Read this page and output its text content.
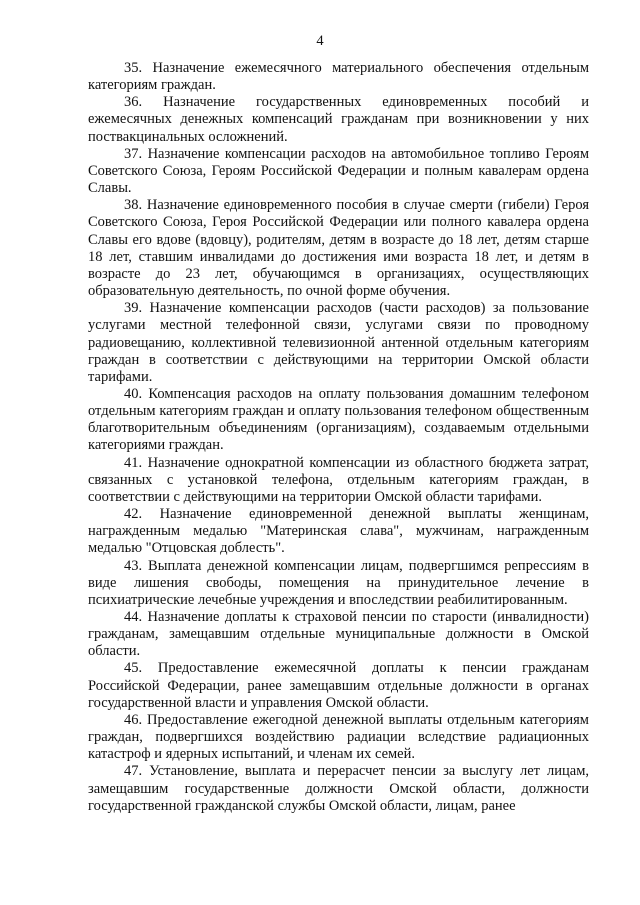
4

35. Назначение ежемесячного материального обеспечения отдельным категориям граждан.

36. Назначение государственных единовременных пособий и ежемесячных денежных компенсаций гражданам при возникновении у них поствакцинальных осложнений.

37. Назначение компенсации расходов на автомобильное топливо Героям Советского Союза, Героям Российской Федерации и полным кавалерам ордена Славы.

38. Назначение единовременного пособия в случае смерти (гибели) Героя Советского Союза, Героя Российской Федерации или полного кавалера ордена Славы его вдове (вдовцу), родителям, детям в возрасте до 18 лет, детям старше 18 лет, ставшим инвалидами до достижения ими возраста 18 лет, и детям в возрасте до 23 лет, обучающимся в организациях, осуществляющих образовательную деятельность, по очной форме обучения.

39. Назначение компенсации расходов (части расходов) за пользование услугами местной телефонной связи, услугами связи по проводному радиовещанию, коллективной телевизионной антенной отдельным категориям граждан в соответствии с действующими на территории Омской области тарифами.

40. Компенсация расходов на оплату пользования домашним телефоном отдельным категориям граждан и оплату пользования телефоном общественным благотворительным объединениям (организациям), создаваемым отдельными категориями граждан.

41. Назначение однократной компенсации из областного бюджета затрат, связанных с установкой телефона, отдельным категориям граждан, в соответствии с действующими на территории Омской области тарифами.

42. Назначение единовременной денежной выплаты женщинам, награжденным медалью "Материнская слава", мужчинам, награжденным медалью "Отцовская доблесть".

43. Выплата денежной компенсации лицам, подвергшимся репрессиям в виде лишения свободы, помещения на принудительное лечение в психиатрические лечебные учреждения и впоследствии реабилитированным.

44. Назначение доплаты к страховой пенсии по старости (инвалидности) гражданам, замещавшим отдельные муниципальные должности в Омской области.

45. Предоставление ежемесячной доплаты к пенсии гражданам Российской Федерации, ранее замещавшим отдельные должности в органах государственной власти и управления Омской области.

46. Предоставление ежегодной денежной выплаты отдельным категориям граждан, подвергшихся воздействию радиации вследствие радиационных катастроф и ядерных испытаний, и членам их семей.

47. Установление, выплата и перерасчет пенсии за выслугу лет лицам, замещавшим государственные должности Омской области, должности государственной гражданской службы Омской области, лицам, ранее
